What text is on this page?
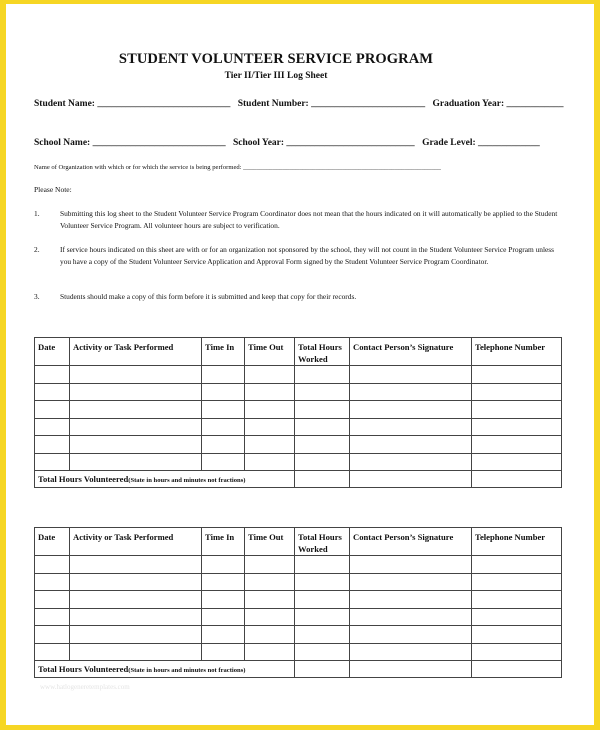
STUDENT VOLUNTEER SERVICE PROGRAM
Tier II/Tier III Log Sheet
Student Name: ____________________________ Student Number: ________________________ Graduation Year: ____________
School Name: ____________________________ School Year: ___________________________ Grade Level: _____________
Name of Organization with which or for which the service is being performed: ____________________________________________________________
Please Note:
1.	Submitting this log sheet to the Student Volunteer Service Program Coordinator does not mean that the hours indicated on it will automatically be applied to the Student Volunteer Service Program. All volunteer hours are subject to verification.
2.	If service hours indicated on this sheet are with or for an organization not sponsored by the school, they will not count in the Student Volunteer Service Program unless you have a copy of the Student Volunteer Service Application and Approval Form signed by the Student Volunteer Service Program Coordinator.
3.	Students should make a copy of this form before it is submitted and keep that copy for their records.
Date	Activity or Task Performed	Time In	Time Out	Total Hours Worked	Contact Person’s Signature	Telephone Number

Total Hours Volunteered(State in hours and minutes not fractions)						
Date	Activity or Task Performed	Time In	Time Out	Total Hours Worked	Contact Person’s Signature	Telephone Number

Total Hours Volunteered(State in hours and minutes not fractions)						
www.hatlogeneretemplates.com
